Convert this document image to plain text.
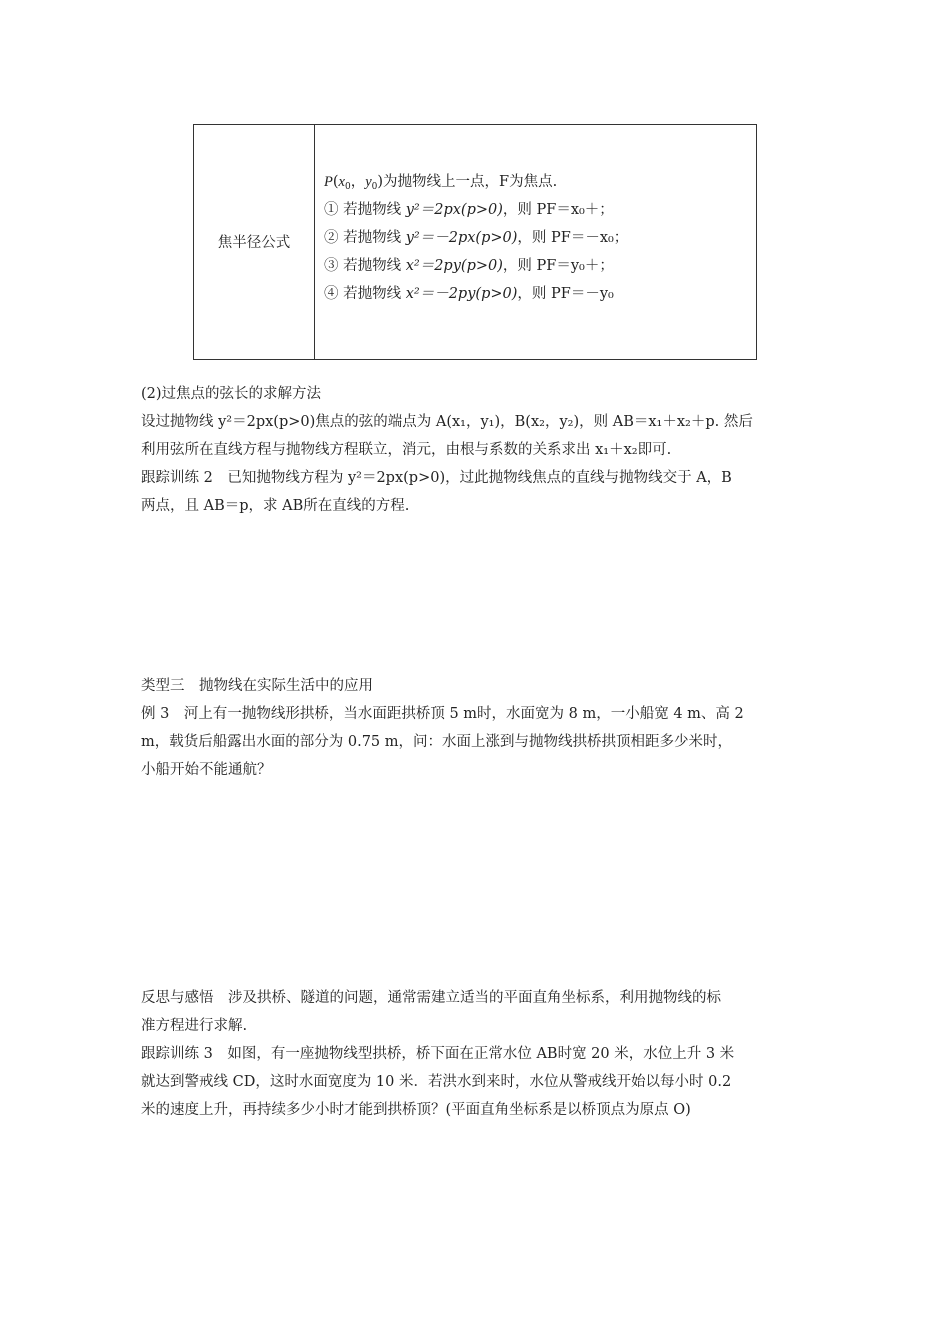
焦半径公式
$P(x_0$，$y_0$)为抛物线上一点，F为焦点.
① 若抛物线 y²＝2px(p>0)，则 PF＝x₀＋；
② 若抛物线 y²＝－2px(p>0)，则 PF＝－x₀；
③ 若抛物线 x²＝2py(p>0)，则 PF＝y₀＋；
④ 若抛物线 x²＝－2py(p>0)，则 PF＝－y₀
(2)过焦点的弦长的求解方法
设过抛物线 y²＝2px(p>0)焦点的弦的端点为 A(x₁，y₁)，B(x₂，y₂)，则 AB＝x₁＋x₂＋p. 然后
利用弦所在直线方程与抛物线方程联立，消元，由根与系数的关系求出 x₁＋x₂即可.
跟踪训练 2　已知抛物线方程为 y²＝2px(p>0)，过此抛物线焦点的直线与抛物线交于 A，B
两点，且 AB＝p，求 AB所在直线的方程.
类型三　抛物线在实际生活中的应用
例 3　河上有一抛物线形拱桥，当水面距拱桥顶 5 m时，水面宽为 8 m，一小船宽 4 m、高 2
m，载货后船露出水面的部分为 0.75 m，问：水面上涨到与抛物线拱桥拱顶相距多少米时，
小船开始不能通航？
反思与感悟　涉及拱桥、隧道的问题，通常需建立适当的平面直角坐标系，利用抛物线的标
准方程进行求解.
跟踪训练 3　如图，有一座抛物线型拱桥，桥下面在正常水位 AB时宽 20 米，水位上升 3 米
就达到警戒线 CD，这时水面宽度为 10 米．若洪水到来时，水位从警戒线开始以每小时 0.2
米的速度上升，再持续多少小时才能到拱桥顶？(平面直角坐标系是以桥顶点为原点 O)
